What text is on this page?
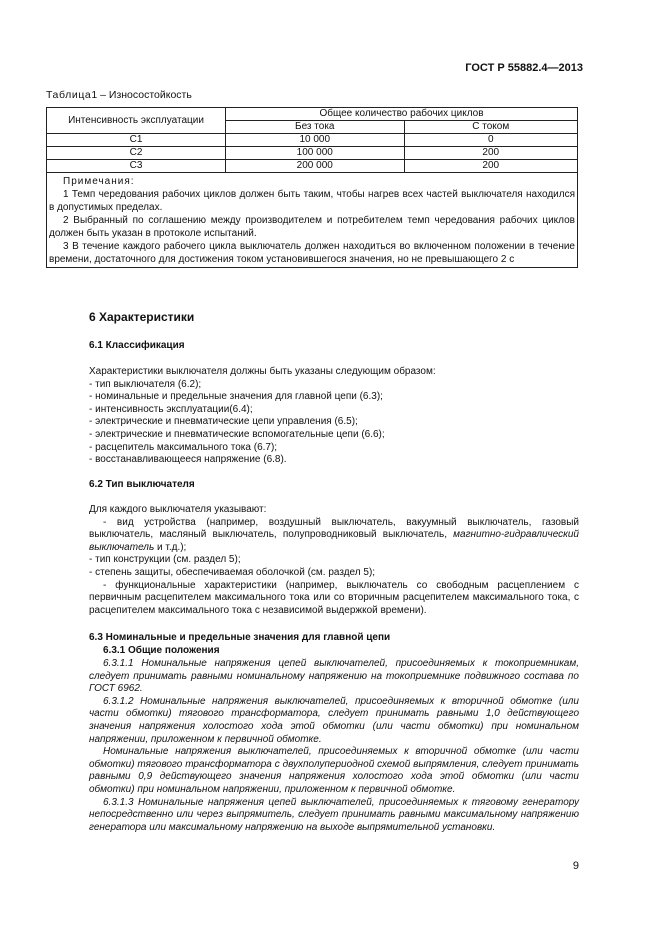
ГОСТ Р 55882.4—2013
Таблица1 – Износостойкость
Интенсивность эксплуатации	Общее количество рабочих циклов	
	Без тока	С током
С1	10 000	0
С2	100 000	200
С3	200 000	200

Примечания:
1 Темп чередования рабочих циклов должен быть таким, чтобы нагрев всех частей выключателя находился в допустимых пределах.
2 Выбранный по соглашению между производителем и потребителем темп чередования рабочих циклов должен быть указан в протоколе испытаний.
3 В течение каждого рабочего цикла выключатель должен находиться во включенном положении в течение времени, достаточного для достижения током установившегося значения, но не превышающего 2 с		
6 Характеристики
6.1 Классификация
Характеристики выключателя должны быть указаны следующим образом:
- тип выключателя (6.2);
- номинальные и предельные значения для главной цепи (6.3);
- интенсивность эксплуатации(6.4);
- электрические и пневматические цепи управления (6.5);
- электрические и пневматические вспомогательные цепи (6.6);
- расцепитель максимального тока (6.7);
- восстанавливающееся напряжение (6.8).
6.2 Тип выключателя
Для каждого выключателя указывают:
- вид устройства (например, воздушный выключатель, вакуумный выключатель, газовый выключатель, масляный выключатель, полупроводниковый выключатель, магнитно-гидравлический выключатель и т.д.);
- тип конструкции (см. раздел 5);
- степень защиты, обеспечиваемая оболочкой (см. раздел 5);
- функциональные характеристики (например, выключатель со свободным расцеплением с первичным расцепителем максимального тока или со вторичным расцепителем максимального тока, с расцепителем максимального тока с независимой выдержкой времени).
6.3 Номинальные и предельные значения для главной цепи
6.3.1 Общие положения
6.3.1.1 Номинальные напряжения цепей выключателей, присоединяемых к токоприемникам, следует принимать равными номинальному напряжению на токоприемнике подвижного состава по ГОСТ 6962.
6.3.1.2 Номинальные напряжения выключателей, присоединяемых к вторичной обмотке (или части обмотки) тягового трансформатора, следует принимать равными 1,0 действующего значения напряжения холостого хода этой обмотки (или части обмотки) при номинальном напряжении, приложенном к первичной обмотке.
Номинальные напряжения выключателей, присоединяемых к вторичной обмотке (или части обмотки) тягового трансформатора с двухполупериодной схемой выпрямления, следует принимать равными 0,9 действующего значения напряжения холостого хода этой обмотки (или части обмотки) при номинальном напряжении, приложенном к первичной обмотке.
6.3.1.3 Номинальные напряжения цепей выключателей, присоединяемых к тяговому генератору непосредственно или через выпрямитель, следует принимать равными максимальному напряжению генератора или максимальному напряжению на выходе выпрямительной установки.
9
